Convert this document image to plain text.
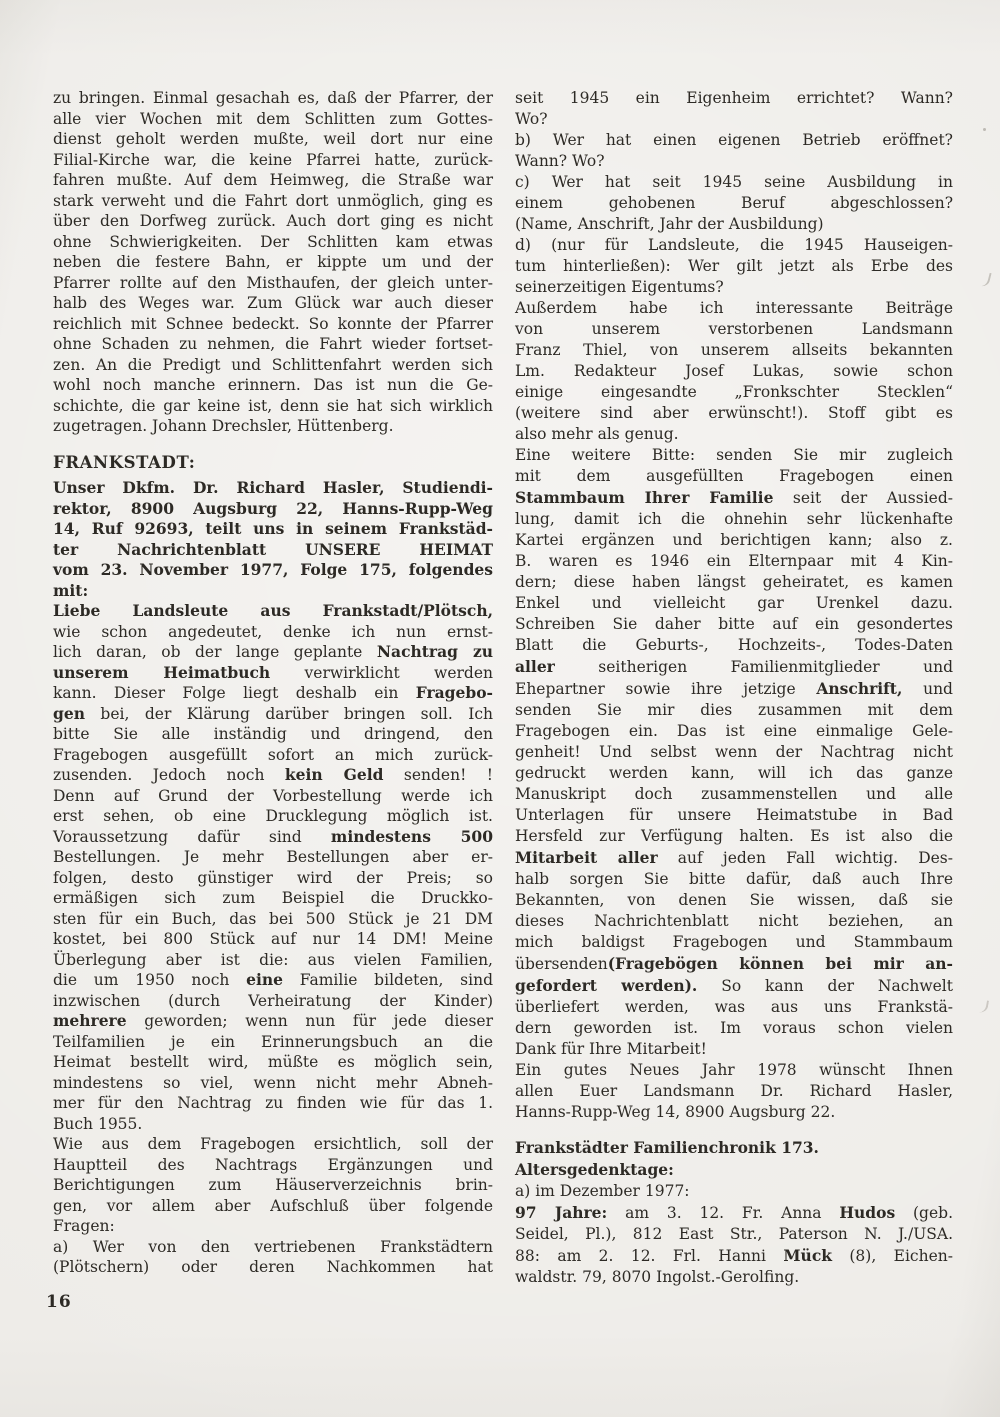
zu bringen. Einmal gesachah es, daß der Pfarrer, der
alle vier Wochen mit dem Schlitten zum Gottes-
dienst geholt werden mußte, weil dort nur eine
Filial-Kirche war, die keine Pfarrei hatte, zurück-
fahren mußte. Auf dem Heimweg, die Straße war
stark verweht und die Fahrt dort unmöglich, ging es
über den Dorfweg zurück. Auch dort ging es nicht
ohne Schwierigkeiten. Der Schlitten kam etwas
neben die festere Bahn, er kippte um und der
Pfarrer rollte auf den Misthaufen, der gleich unter-
halb des Weges war. Zum Glück war auch dieser
reichlich mit Schnee bedeckt. So konnte der Pfarrer
ohne Schaden zu nehmen, die Fahrt wieder fortset-
zen. An die Predigt und Schlittenfahrt werden sich
wohl noch manche erinnern. Das ist nun die Ge-
schichte, die gar keine ist, denn sie hat sich wirklich
zugetragen. Johann Drechsler, Hüttenberg.
FRANKSTADT:
Unser Dkfm. Dr. Richard Hasler, Studiendi-
rektor, 8900 Augsburg 22, Hanns-Rupp-Weg
14, Ruf 92693, teilt uns in seinem Frankstäd-
ter Nachrichtenblatt UNSERE HEIMAT
vom 23. November 1977, Folge 175, folgendes
mit:
Liebe Landsleute aus Frankstadt/Plötsch,
wie schon angedeutet, denke ich nun ernst-
lich daran, ob der lange geplante Nachtrag zu
unserem Heimatbuch verwirklicht werden
kann. Dieser Folge liegt deshalb ein Fragebo-
gen bei, der Klärung darüber bringen soll. Ich
bitte Sie alle inständig und dringend, den
Fragebogen ausgefüllt sofort an mich zurück-
zusenden. Jedoch noch kein Geld senden! !
Denn auf Grund der Vorbestellung werde ich
erst sehen, ob eine Drucklegung möglich ist.
Voraussetzung dafür sind mindestens 500
Bestellungen. Je mehr Bestellungen aber er-
folgen, desto günstiger wird der Preis; so
ermäßigen sich zum Beispiel die Druckko-
sten für ein Buch, das bei 500 Stück je 21 DM
kostet, bei 800 Stück auf nur 14 DM! Meine
Überlegung aber ist die: aus vielen Familien,
die um 1950 noch eine Familie bildeten, sind
inzwischen (durch Verheiratung der Kinder)
mehrere geworden; wenn nun für jede dieser
Teilfamilien je ein Erinnerungsbuch an die
Heimat bestellt wird, müßte es möglich sein,
mindestens so viel, wenn nicht mehr Abneh-
mer für den Nachtrag zu finden wie für das 1.
Buch 1955.
Wie aus dem Fragebogen ersichtlich, soll der
Hauptteil des Nachtrags Ergänzungen und
Berichtigungen zum Häuserverzeichnis brin-
gen, vor allem aber Aufschluß über folgende
Fragen:
a) Wer von den vertriebenen Frankstädtern
(Plötschern) oder deren Nachkommen hat
seit 1945 ein Eigenheim errichtet? Wann?
Wo?
b) Wer hat einen eigenen Betrieb eröffnet?
Wann? Wo?
c) Wer hat seit 1945 seine Ausbildung in
einem gehobenen Beruf abgeschlossen?
(Name, Anschrift, Jahr der Ausbildung)
d) (nur für Landsleute, die 1945 Hauseigen-
tum hinterließen): Wer gilt jetzt als Erbe des
seinerzeitigen Eigentums?
Außerdem habe ich interessante Beiträge
von unserem verstorbenen Landsmann
Franz Thiel, von unserem allseits bekannten
Lm. Redakteur Josef Lukas, sowie schon
einige eingesandte „Fronkschter Stecklen“
(weitere sind aber erwünscht!). Stoff gibt es
also mehr als genug.
Eine weitere Bitte: senden Sie mir zugleich
mit dem ausgefüllten Fragebogen einen
Stammbaum Ihrer Familie seit der Aussied-
lung, damit ich die ohnehin sehr lückenhafte
Kartei ergänzen und berichtigen kann; also z.
B. waren es 1946 ein Elternpaar mit 4 Kin-
dern; diese haben längst geheiratet, es kamen
Enkel und vielleicht gar Urenkel dazu.
Schreiben Sie daher bitte auf ein gesondertes
Blatt die Geburts-, Hochzeits-, Todes-Daten
aller seitherigen Familienmitglieder und
Ehepartner sowie ihre jetzige Anschrift, und
senden Sie mir dies zusammen mit dem
Fragebogen ein. Das ist eine einmalige Gele-
genheit! Und selbst wenn der Nachtrag nicht
gedruckt werden kann, will ich das ganze
Manuskript doch zusammenstellen und alle
Unterlagen für unsere Heimatstube in Bad
Hersfeld zur Verfügung halten. Es ist also die
Mitarbeit aller auf jeden Fall wichtig. Des-
halb sorgen Sie bitte dafür, daß auch Ihre
Bekannten, von denen Sie wissen, daß sie
dieses Nachrichtenblatt nicht beziehen, an
mich baldigst Fragebogen und Stammbaum
übersenden(Fragebögen können bei mir an-
gefordert werden). So kann der Nachwelt
überliefert werden, was aus uns Frankstä-
dern geworden ist. Im voraus schon vielen
Dank für Ihre Mitarbeit!
Ein gutes Neues Jahr 1978 wünscht Ihnen
allen Euer Landsmann Dr. Richard Hasler,
Hanns-Rupp-Weg 14, 8900 Augsburg 22.
Frankstädter Familienchronik 173.
Altersgedenktage:
a) im Dezember 1977:
97 Jahre: am 3. 12. Fr. Anna Hudos (geb.
Seidel, Pl.), 812 East Str., Paterson N. J./USA.
88: am 2. 12. Frl. Hanni Mück (8), Eichen-
waldstr. 79, 8070 Ingolst.-Gerolfing.
16
